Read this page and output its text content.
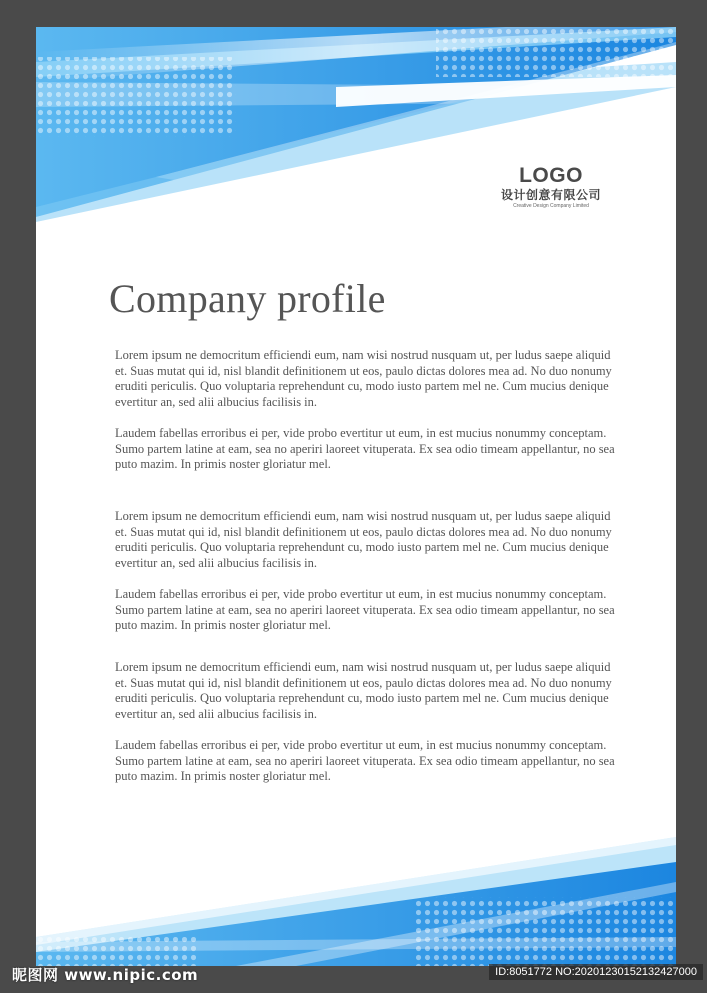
LOGO
设计创意有限公司
Creative Design Company Limited
Company profile

Lorem ipsum ne democritum efficiendi eum, nam wisi nostrud nusquam ut, per ludus saepe aliquid et. Suas mutat qui id, nisl blandit definitionem ut eos, paulo dictas dolores mea ad. No duo nonumy eruditi periculis. Quo voluptaria reprehendunt cu, modo iusto partem mel ne. Cum mucius denique evertitur an, sed alii albucius facilisis in.

Laudem fabellas erroribus ei per, vide probo evertitur ut eum, in est mucius nonummy conceptam. Sumo partem latine at eam, sea no aperiri laoreet vituperata. Ex sea odio timeam appellantur, no sea puto mazim. In primis noster gloriatur mel.

Lorem ipsum ne democritum efficiendi eum, nam wisi nostrud nusquam ut, per ludus saepe aliquid et. Suas mutat qui id, nisl blandit definitionem ut eos, paulo dictas dolores mea ad. No duo nonumy eruditi periculis. Quo voluptaria reprehendunt cu, modo iusto partem mel ne. Cum mucius denique evertitur an, sed alii albucius facilisis in.

Laudem fabellas erroribus ei per, vide probo evertitur ut eum, in est mucius nonummy conceptam. Sumo partem latine at eam, sea no aperiri laoreet vituperata. Ex sea odio timeam appellantur, no sea puto mazim. In primis noster gloriatur mel.

Lorem ipsum ne democritum efficiendi eum, nam wisi nostrud nusquam ut, per ludus saepe aliquid et. Suas mutat qui id, nisl blandit definitionem ut eos, paulo dictas dolores mea ad. No duo nonumy eruditi periculis. Quo voluptaria reprehendunt cu, modo iusto partem mel ne. Cum mucius denique evertitur an, sed alii albucius facilisis in.

Laudem fabellas erroribus ei per, vide probo evertitur ut eum, in est mucius nonummy conceptam. Sumo partem latine at eam, sea no aperiri laoreet vituperata. Ex sea odio timeam appellantur, no sea puto mazim. In primis noster gloriatur mel.

昵图网 www.nipic.com	ID:8051772 NO:20201230152132427000
